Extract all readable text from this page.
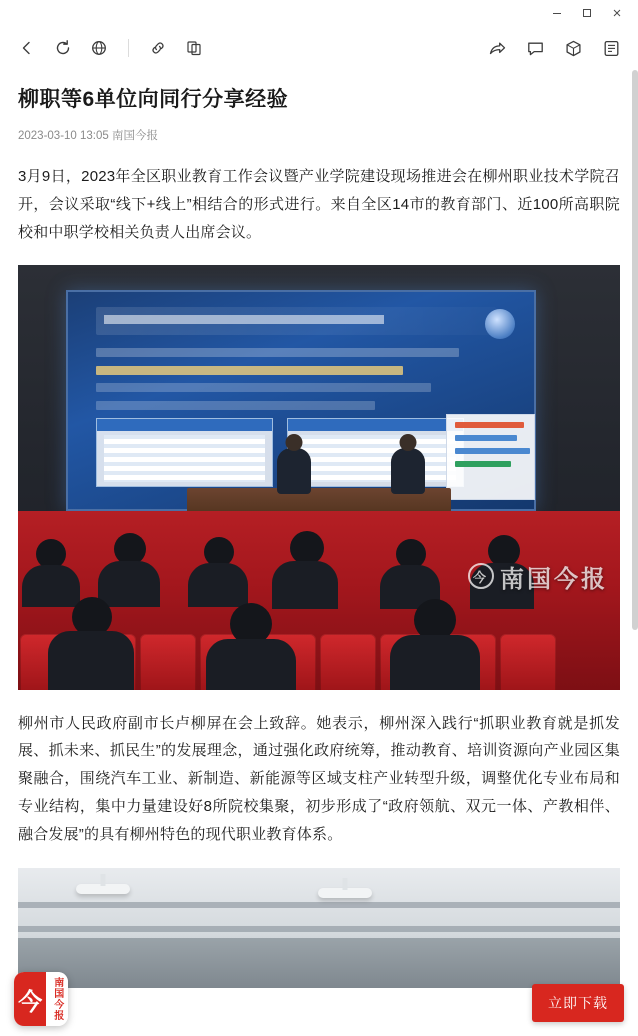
柳职等6单位向同行分享经验
2023-03-10 13:05 南国今报

3月9日，2023年全区职业教育工作会议暨产业学院建设现场推进会在柳州职业技术学院召开，会议采取“线下+线上”相结合的形式进行。来自全区14市的教育部门、近100所高职院校和中职学校相关负责人出席会议。

今 南国今报

柳州市人民政府副市长卢柳屏在会上致辞。她表示，柳州深入践行“抓职业教育就是抓发展、抓未来、抓民生”的发展理念，通过强化政府统筹，推动教育、培训资源向产业园区集聚融合，围绕汽车工业、新制造、新能源等区域支柱产业转型升级，调整优化专业布局和专业结构，集中力量建设好8所院校集聚，初步形成了“政府领航、双元一体、产教相伴、融合发展”的具有柳州特色的现代职业教育体系。

今 南国今报	立即下载
